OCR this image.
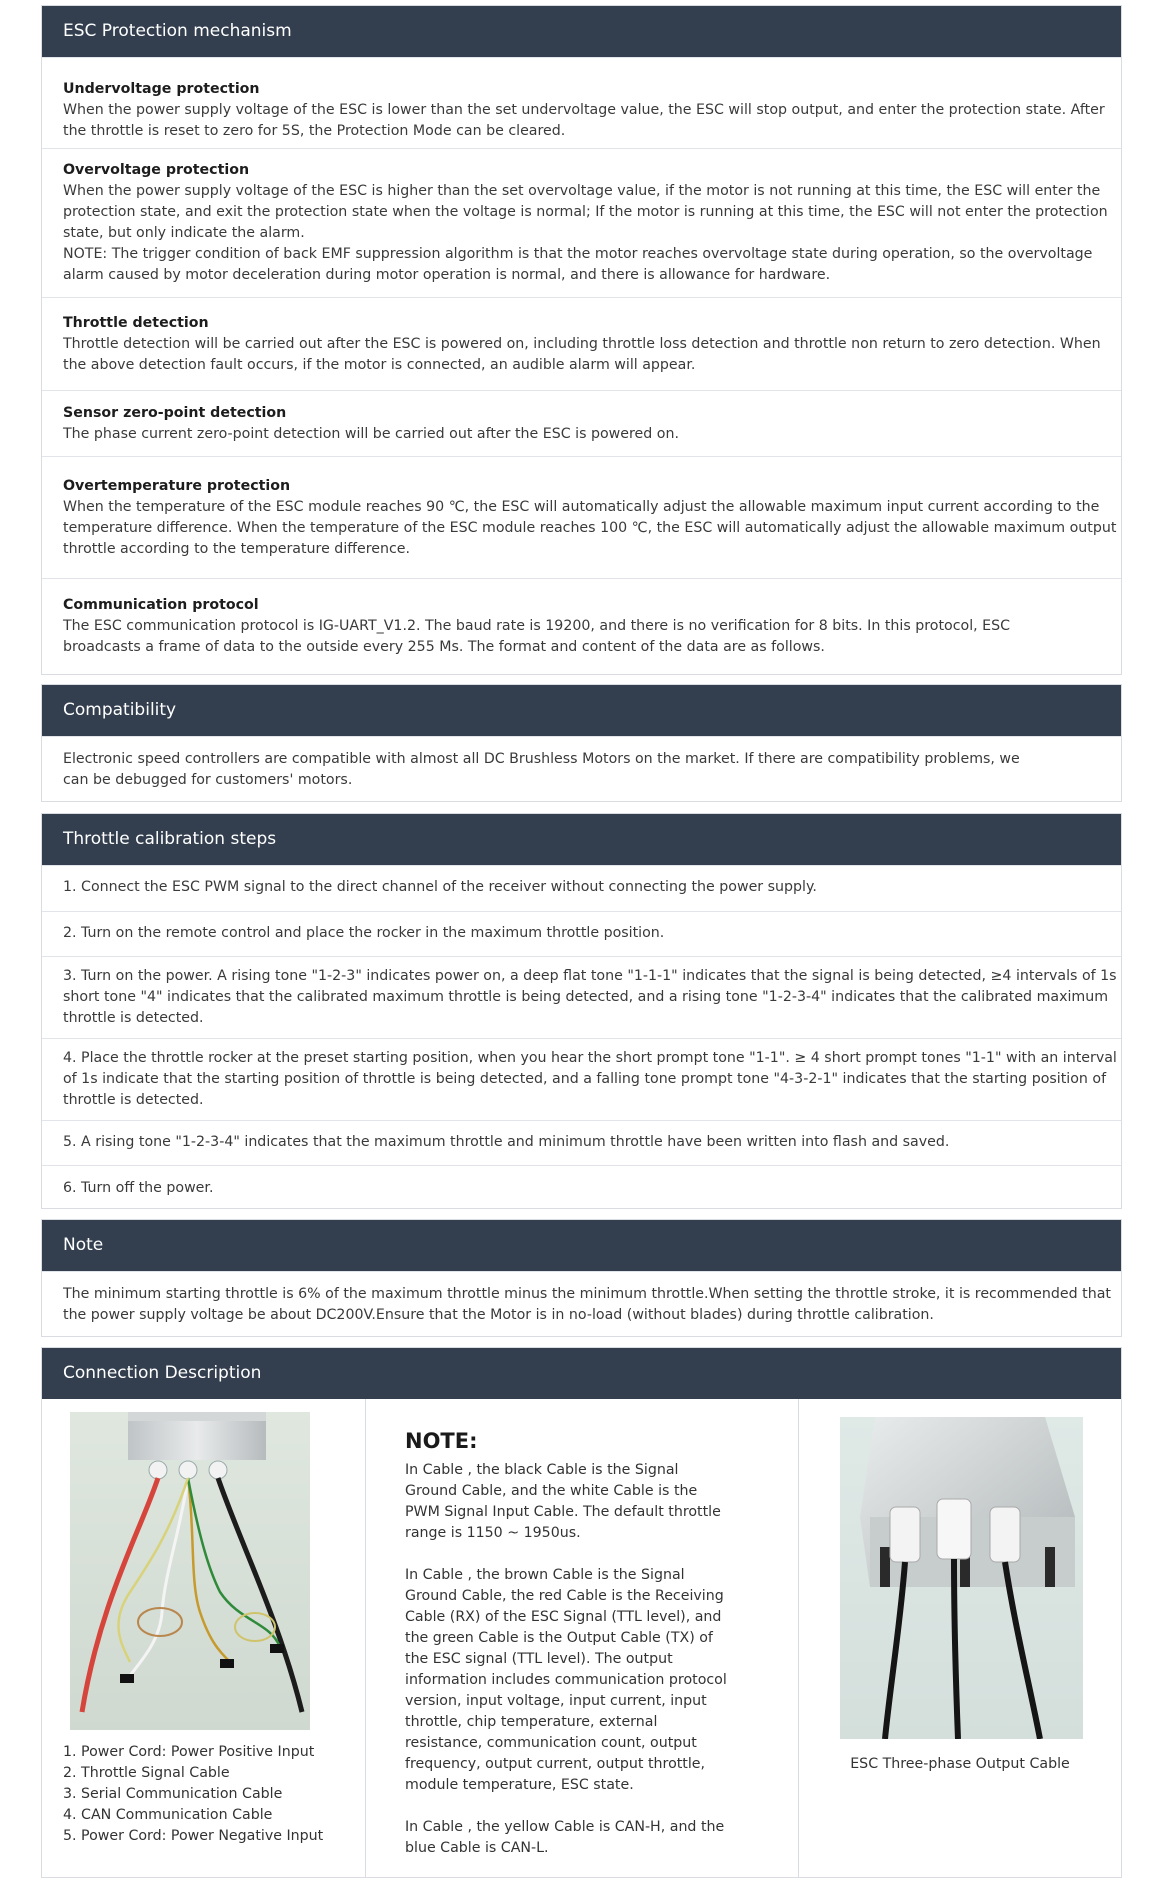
ESC Protection mechanism
Undervoltage protection
When the power supply voltage of the ESC is lower than the set undervoltage value, the ESC will stop output, and enter the protection state. After the throttle is reset to zero for 5S, the Protection Mode can be cleared.
Overvoltage protection
When the power supply voltage of the ESC is higher than the set overvoltage value, if the motor is not running at this time, the ESC will enter the protection state, and exit the protection state when the voltage is normal; If the motor is running at this time, the ESC will not enter the protection state, but only indicate the alarm.
NOTE: The trigger condition of back EMF suppression algorithm is that the motor reaches overvoltage state during operation, so the overvoltage alarm caused by motor deceleration during motor operation is normal, and there is allowance for hardware.
Throttle detection
Throttle detection will be carried out after the ESC is powered on, including throttle loss detection and throttle non return to zero detection. When the above detection fault occurs, if the motor is connected, an audible alarm will appear.
Sensor zero-point detection
The phase current zero-point detection will be carried out after the ESC is powered on.
Overtemperature protection
When the temperature of the ESC module reaches 90 ℃, the ESC will automatically adjust the allowable maximum input current according to the temperature difference. When the temperature of the ESC module reaches 100 ℃, the ESC will automatically adjust the allowable maximum output throttle according to the temperature difference.
Communication protocol
The ESC communication protocol is IG-UART_V1.2. The baud rate is 19200, and there is no verification for 8 bits. In this protocol, ESC
broadcasts a frame of data to the outside every 255 Ms. The format and content of the data are as follows.
Compatibility
Electronic speed controllers are compatible with almost all DC Brushless Motors on the market. If there are compatibility problems, we
can be debugged for customers' motors.
Throttle calibration steps
1. Connect the ESC PWM signal to the direct channel of the receiver without connecting the power supply.
2. Turn on the remote control and place the rocker in the maximum throttle position.
3. Turn on the power. A rising tone "1-2-3" indicates power on, a deep flat tone "1-1-1" indicates that the signal is being detected, ≥4 intervals of 1s short tone "4" indicates that the calibrated maximum throttle is being detected, and a rising tone "1-2-3-4" indicates that the calibrated maximum throttle is detected.
4. Place the throttle rocker at the preset starting position, when you hear the short prompt tone "1-1". ≥ 4 short prompt tones "1-1" with an interval of 1s indicate that the starting position of throttle is being detected, and a falling tone prompt tone "4-3-2-1" indicates that the starting position of throttle is detected.
5. A rising tone "1-2-3-4" indicates that the maximum throttle and minimum throttle have been written into flash and saved.
6. Turn off the power.
Note
The minimum starting throttle is 6% of the maximum throttle minus the minimum throttle.When setting the throttle stroke, it is recommended that the power supply voltage be about DC200V.Ensure that the Motor is in no-load (without blades) during throttle calibration.
Connection Description
1. Power Cord: Power Positive Input
2. Throttle Signal Cable
3. Serial Communication Cable
4. CAN Communication Cable
5. Power Cord: Power Negative Input
NOTE:

In Cable , the black Cable is the Signal Ground Cable, and the white Cable is the PWM Signal Input Cable. The default throttle range is 1150 ~ 1950us.

In Cable , the brown Cable is the Signal Ground Cable, the red Cable is the Receiving Cable (RX) of the ESC Signal (TTL level), and the green Cable is the Output Cable (TX) of the ESC signal (TTL level). The output information includes communication protocol version, input voltage, input current, input throttle, chip temperature, external resistance, communication count, output frequency, output current, output throttle, module temperature, ESC state.

In Cable , the yellow Cable is CAN-H, and the blue Cable is CAN-L.

ESC Three-phase Output Cable
